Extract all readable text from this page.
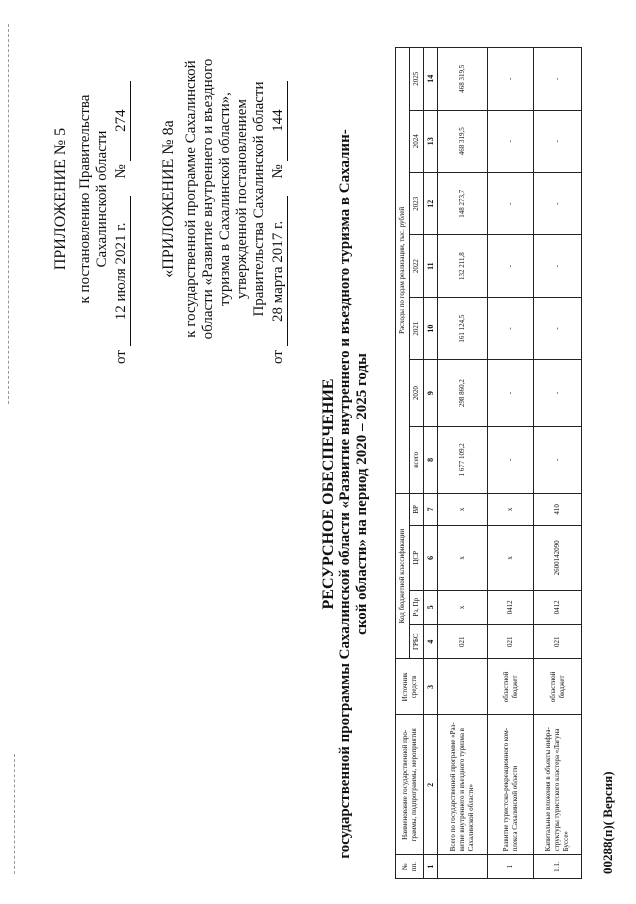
ПРИЛОЖЕНИЕ № 5 к постановлению Правительства Сахалинской области
от 12 июля 2021 г. № 274 «ПРИЛОЖЕНИЕ № 8а к государственной программе Сахалинской области «Развитие внутреннего и въездного туризма в Сахалинской области», утвержденной постановлением Правительства Сахалинской области
от 28 марта 2017 г. № 144
РЕСУРСНОЕ ОБЕСПЕЧЕНИЕ государственной программы Сахалинской области «Развитие внутреннего и въездного туризма в Сахалин- ской области» на период 2020 – 2025 годы
№ пп.	Наименование государственной про- граммы, подпрограммы, мероприятия	Источник средств	Код бюджетной классификации				Расходы по годам реализации, тыс. рублей						
			ГРБС	Рз, Пр	ЦСР	ВР	всего	2020	2021	2022	2023	2024	2025
1	2	3	4	5	6	7	8	9	10	11	12	13	14
	Всего по государственной программе «Раз- витие внутреннего и въездного туризма в Сахалинской области»		021	x	x	x	1 677 109,2	298 860,2	161 124,5	132 211,8	148 273,7	468 319,5	468 319,5
1	Развитие туристско-рекреационного ком- плекса Сахалинской области	областной бюджет	021	0412	x	x	-	-	-	-	-	-	-
1.1.	Капитальные вложения в объекты инфра- структуры туристского кластера «Лагуна Буссе»	областной бюджет	021	0412	2600142090	410	-	-	-	-	-	-	-
00288(п)( Версия)
